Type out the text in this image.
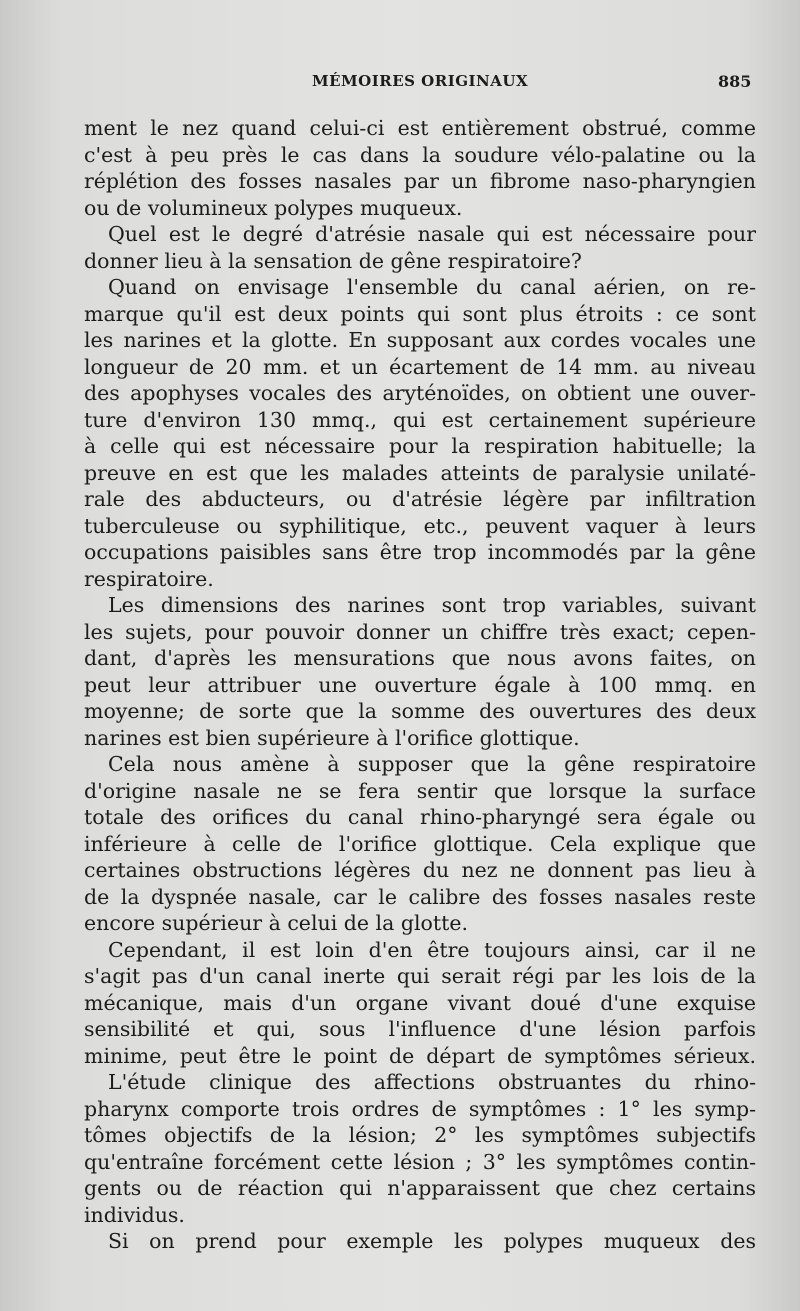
MÉMOIRES ORIGINAUX	885
ment le nez quand celui-ci est entièrement obstrué, comme
c'est à peu près le cas dans la soudure vélo-palatine ou la
réplétion des fosses nasales par un fibrome naso-pharyngien
ou de volumineux polypes muqueux.
Quel est le degré d'atrésie nasale qui est nécessaire pour
donner lieu à la sensation de gêne respiratoire?
Quand on envisage l'ensemble du canal aérien, on re-
marque qu'il est deux points qui sont plus étroits : ce sont
les narines et la glotte. En supposant aux cordes vocales une
longueur de 20 mm. et un écartement de 14 mm. au niveau
des apophyses vocales des aryténoïdes, on obtient une ouver-
ture d'environ 130 mmq., qui est certainement supérieure
à celle qui est nécessaire pour la respiration habituelle; la
preuve en est que les malades atteints de paralysie unilaté-
rale des abducteurs, ou d'atrésie légère par infiltration
tuberculeuse ou syphilitique, etc., peuvent vaquer à leurs
occupations paisibles sans être trop incommodés par la gêne
respiratoire.
Les dimensions des narines sont trop variables, suivant
les sujets, pour pouvoir donner un chiffre très exact; cepen-
dant, d'après les mensurations que nous avons faites, on
peut leur attribuer une ouverture égale à 100 mmq. en
moyenne; de sorte que la somme des ouvertures des deux
narines est bien supérieure à l'orifice glottique.
Cela nous amène à supposer que la gêne respiratoire
d'origine nasale ne se fera sentir que lorsque la surface
totale des orifices du canal rhino-pharyngé sera égale ou
inférieure à celle de l'orifice glottique. Cela explique que
certaines obstructions légères du nez ne donnent pas lieu à
de la dyspnée nasale, car le calibre des fosses nasales reste
encore supérieur à celui de la glotte.
Cependant, il est loin d'en être toujours ainsi, car il ne
s'agit pas d'un canal inerte qui serait régi par les lois de la
mécanique, mais d'un organe vivant doué d'une exquise
sensibilité et qui, sous l'influence d'une lésion parfois
minime, peut être le point de départ de symptômes sérieux.
L'étude clinique des affections obstruantes du rhino-
pharynx comporte trois ordres de symptômes : 1° les symp-
tômes objectifs de la lésion; 2° les symptômes subjectifs
qu'entraîne forcément cette lésion ; 3° les symptômes contin-
gents ou de réaction qui n'apparaissent que chez certains
individus.
Si on prend pour exemple les polypes muqueux des
